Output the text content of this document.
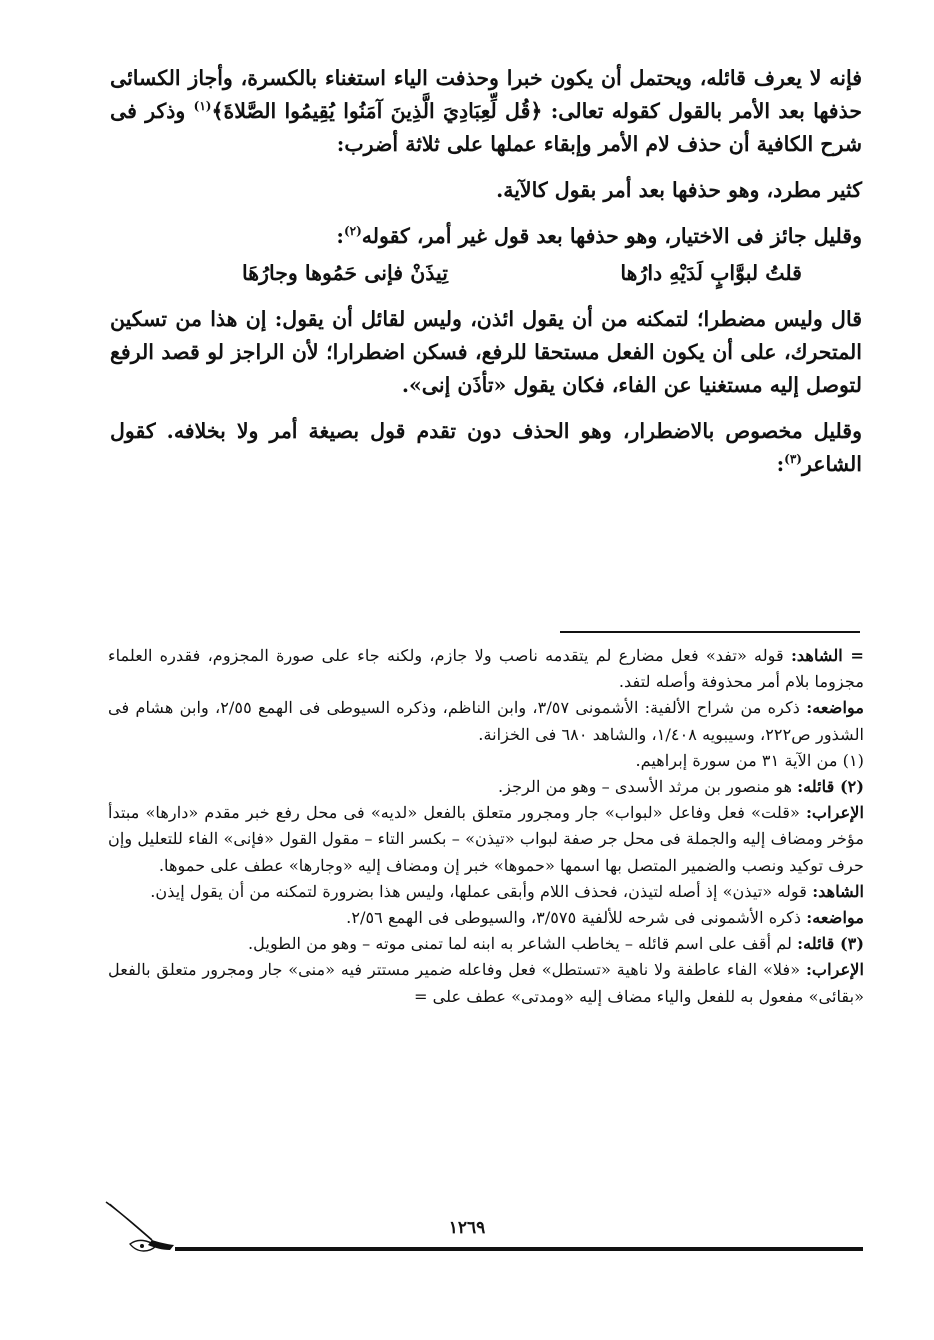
فإنه لا يعرف قائله، ويحتمل أن يكون خبرا وحذفت الياء استغناء بالكسرة، وأجاز الكسائى حذفها بعد الأمر بالقول كقوله تعالى: ﴿قُل لِّعِبَادِيَ الَّذِينَ آمَنُوا يُقِيمُوا الصَّلاةَ﴾$^{(١)}$ وذكر فى شرح الكافية أن حذف لام الأمر وإبقاء عملها على ثلاثة أضرب:

كثير مطرد، وهو حذفها بعد أمر بقول كالآية.

وقليل جائز فى الاختيار، وهو حذفها بعد قول غير أمر، كقوله$^{(٢)}$:

قلتُ لبوَّابٍ لَدَيْهِ دارُها
تِيذَنْ فإنى حَمُوها وجارُهَا

قال وليس مضطرا؛ لتمكنه من أن يقول ائذن، وليس لقائل أن يقول: إن هذا من تسكين المتحرك، على أن يكون الفعل مستحقا للرفع، فسكن اضطرارا؛ لأن الراجز لو قصد الرفع لتوصل إليه مستغنيا عن الفاء، فكان يقول «تأذَن إنى».

وقليل مخصوص بالاضطرار، وهو الحذف دون تقدم قول بصيغة أمر ولا بخلافه. كقول الشاعر$^{(٣)}$:

= الشاهد: قوله «تفد» فعل مضارع لم يتقدمه ناصب ولا جازم، ولكنه جاء على صورة المجزوم، فقدره العلماء مجزوما بلام أمر محذوفة وأصله لتفد.

مواضعه: ذكره من شراح الألفية: الأشمونى ٣/٥٧، وابن الناظم، وذكره السيوطى فى الهمع ٢/٥٥، وابن هشام فى الشذور ص٢٢٢، وسيبويه ١/٤٠٨، والشاهد ٦٨٠ فى الخزانة.

(١) من الآية ٣١ من سورة إبراهيم.

(٢) قائله: هو منصور بن مرثد الأسدى – وهو من الرجز.

الإعراب: «قلت» فعل وفاعل «لبواب» جار ومجرور متعلق بالفعل «لديه» فى محل رفع خبر مقدم «دارها» مبتدأ مؤخر ومضاف إليه والجملة فى محل جر صفة لبواب «تيذن» – بكسر التاء – مقول القول «فإنى» الفاء للتعليل وإن حرف توكيد ونصب والضمير المتصل بها اسمها «حموها» خبر إن ومضاف إليه «وجارها» عطف على حموها.

الشاهد: قوله «تيذن» إذ أصله لتيذن، فحذف اللام وأبقى عملها، وليس هذا بضرورة لتمكنه من أن يقول إيذن.

مواضعه: ذكره الأشمونى فى شرحه للألفية ٣/٥٧٥، والسيوطى فى الهمع ٢/٥٦.

(٣) قائله: لم أقف على اسم قائله – يخاطب الشاعر به ابنه لما تمنى موته – وهو من الطويل.

الإعراب: «فلا» الفاء عاطفة ولا ناهية «تستطل» فعل وفاعله ضمير مستتر فيه «منى» جار ومجرور متعلق بالفعل «بقائى» مفعول به للفعل والياء مضاف إليه «ومدتى» عطف على =

١٢٦٩
